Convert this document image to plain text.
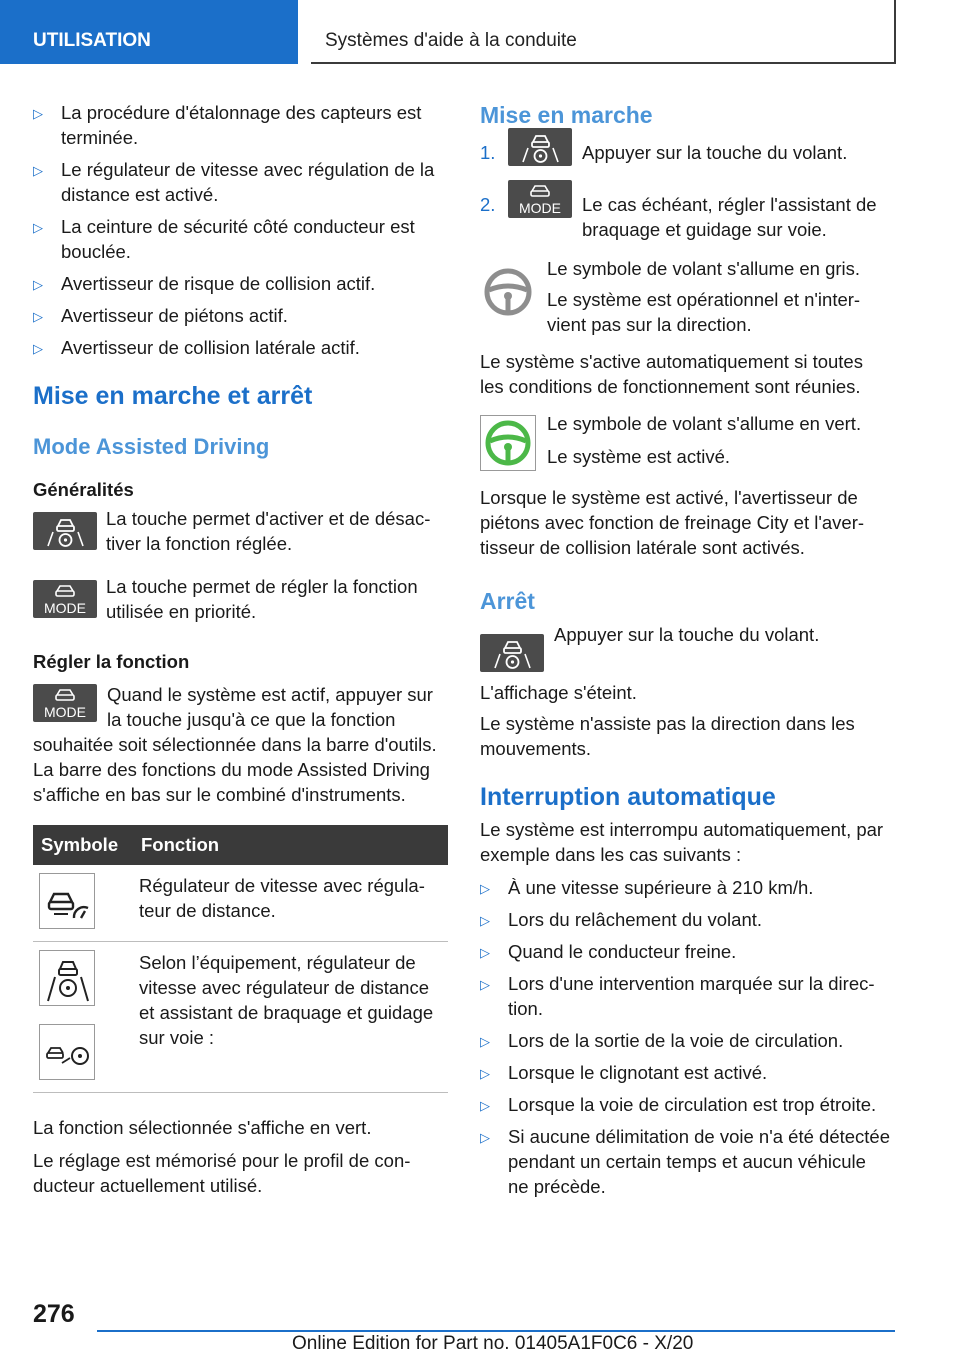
UTILISATION	Systèmes d'aide à la conduite
▷ La procédure d'étalonnage des capteurs est terminée.
▷ Le régulateur de vitesse avec régulation de la distance est activé.
▷ La ceinture de sécurité côté conducteur est bouclée.
▷ Avertisseur de risque de collision actif.
▷ Avertisseur de piétons actif.
▷ Avertisseur de collision latérale actif.
Mise en marche et arrêt
Mode Assisted Driving
Généralités
La touche permet d'activer et de désactiver la fonction réglée.
MODE
La touche permet de régler la fonction utilisée en priorité.
Régler la fonction
MODE

Quand le système est actif, appuyer sur la touche jusqu'à ce que la fonction souhaitée soit sélectionnée dans la barre d'outils. La barre des fonctions du mode Assisted Driving s'affiche en bas sur le combiné d'instruments.

Symbole	Fonction

	Régulateur de vitesse avec régulateur de distance.

	Selon l’équipement, régulateur de vitesse avec régulateur de distance et assistant de braquage et guidage sur voie :

La fonction sélectionnée s'affiche en vert.

Le réglage est mémorisé pour le profil de conducteur actuellement utilisé.

Mise en marche
1.	Appuyer sur la touche du volant.
2. MODE Le cas échéant, régler l'assistant de braquage et guidage sur voie.

Le symbole de volant s'allume en gris.

Le système est opérationnel et n'intervient pas sur la direction.

Le système s'active automatiquement si toutes les conditions de fonctionnement sont réunies.

Le symbole de volant s'allume en vert.

Le système est activé.

Lorsque le système est activé, l'avertisseur de piétons avec fonction de freinage City et l'avertisseur de collision latérale sont activés.

Arrêt
Appuyer sur la touche du volant.

L'affichage s'éteint.

Le système n'assiste pas la direction dans les mouvements.

Interruption automatique

Le système est interrompu automatiquement, par exemple dans les cas suivants :

▷ À une vitesse supérieure à 210 km/h.
▷ Lors du relâchement du volant.
▷ Quand le conducteur freine.
▷ Lors d'une intervention marquée sur la direction.
▷ Lors de la sortie de la voie de circulation.
▷ Lorsque le clignotant est activé.
▷ Lorsque la voie de circulation est trop étroite.
▷ Si aucune délimitation de voie n'a été détectée pendant un certain temps et aucun véhicule ne précède.
276
Online Edition for Part no. 01405A1F0C6 - X/20
